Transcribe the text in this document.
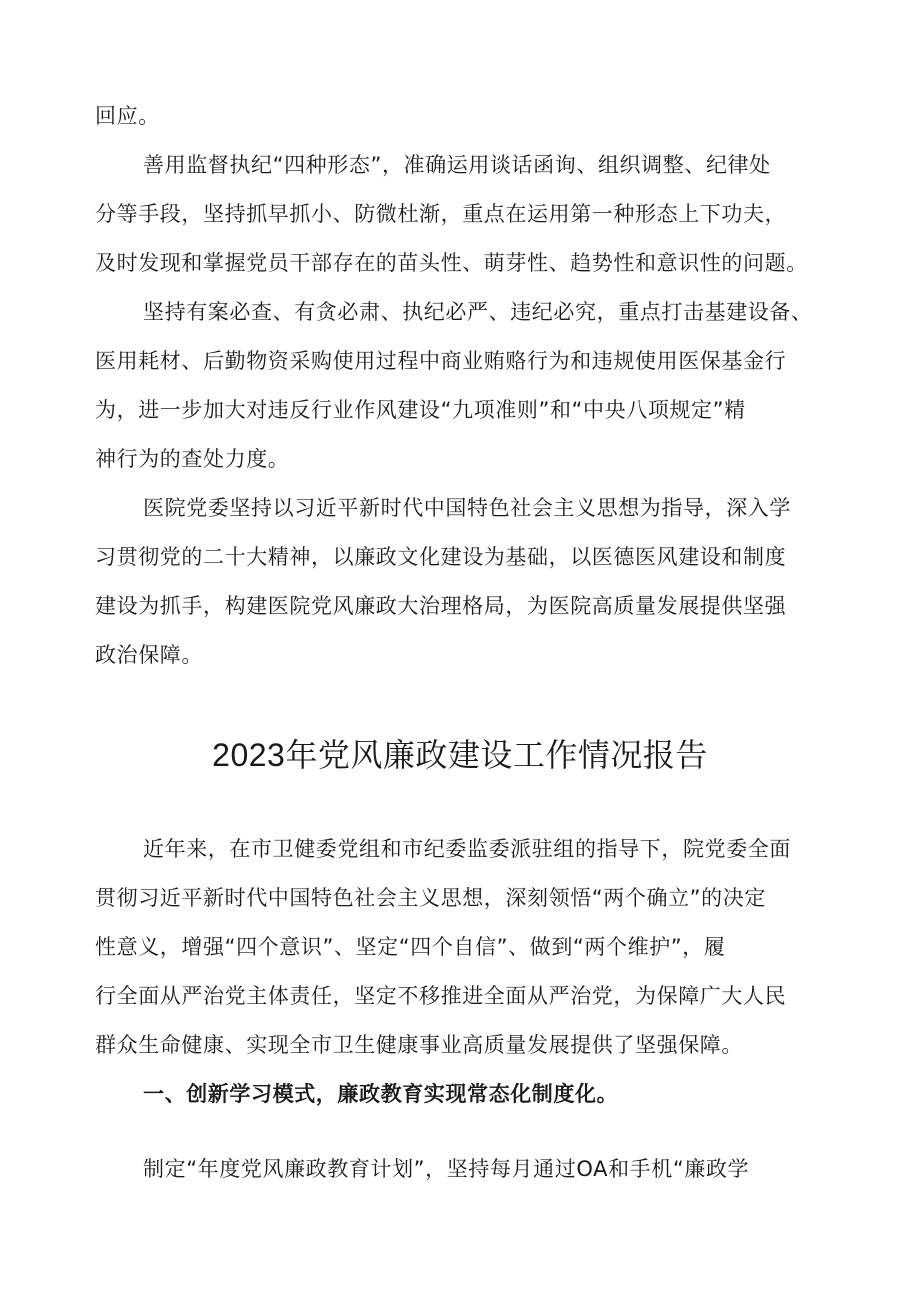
回应。
善用监督执纪“四种形态”，准确运用谈话函询、组织调整、纪律处
分等手段，坚持抓早抓小、防微杜渐，重点在运用第一种形态上下功夫，
及时发现和掌握党员干部存在的苗头性、萌芽性、趋势性和意识性的问题。
坚持有案必查、有贪必肃、执纪必严、违纪必究，重点打击基建设备、
医用耗材、后勤物资采购使用过程中商业贿赂行为和违规使用医保基金行
为，进一步加大对违反行业作风建设“九项准则”和“中央八项规定”精
神行为的查处力度。
医院党委坚持以习近平新时代中国特色社会主义思想为指导，深入学
习贯彻党的二十大精神，以廉政文化建设为基础，以医德医风建设和制度
建设为抓手，构建医院党风廉政大治理格局，为医院高质量发展提供坚强
政治保障。
2023年党风廉政建设工作情况报告
近年来，在市卫健委党组和市纪委监委派驻组的指导下，院党委全面
贯彻习近平新时代中国特色社会主义思想，深刻领悟“两个确立”的决定
性意义，增强“四个意识”、坚定“四个自信”、做到“两个维护”，履
行全面从严治党主体责任，坚定不移推进全面从严治党，为保障广大人民
群众生命健康、实现全市卫生健康事业高质量发展提供了坚强保障。
一、创新学习模式，廉政教育实现常态化制度化。
制定“年度党风廉政教育计划”，坚持每月通过OA和手机“廉政学
